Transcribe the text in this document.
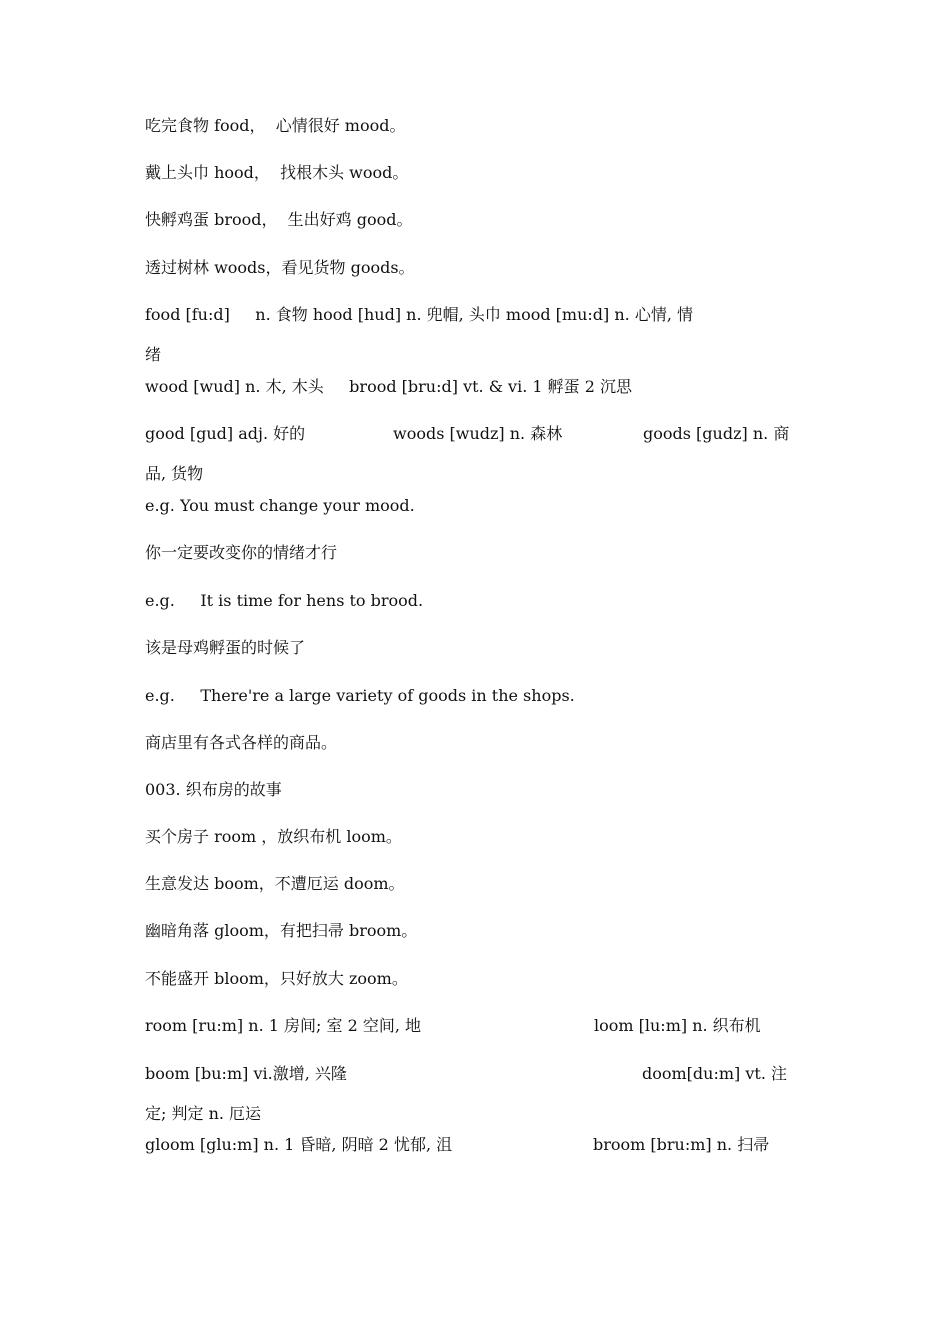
吃完食物 food，  心情很好 mood。

戴上头巾 hood，  找根木头 wood。

快孵鸡蛋 brood，  生出好鸡 good。

透过树林 woods，看见货物 goods。

food [fu:d]     n. 食物 hood [hud] n. 兜帽, 头巾 mood [mu:d] n. 心情, 情

绪

wood [wud] n. 木, 木头     brood [bru:d] vt. & vi. 1 孵蛋 2 沉思

good [gud] adj. 好的	woods [wudz] n. 森林	goods [gudz] n. 商

品, 货物

e.g. You must change your mood.

你一定要改变你的情绪才行

e.g.     It is time for hens to brood.

该是母鸡孵蛋的时候了

e.g.     There're a large variety of goods in the shops.

商店里有各式各样的商品。

003. 织布房的故事

买个房子 room ，放织布机 loom。

生意发达 boom，不遭厄运 doom。

幽暗角落 gloom，有把扫帚 broom。

不能盛开 bloom，只好放大 zoom。

room [ru:m] n. 1 房间; 室 2 空间, 地	loom [lu:m] n. 织布机
boom [bu:m] vi.激增, 兴隆	doom[du:m] vt. 注

定; 判定 n. 厄运

gloom [glu:m] n. 1 昏暗, 阴暗 2 忧郁, 沮	broom [bru:m] n. 扫帚
